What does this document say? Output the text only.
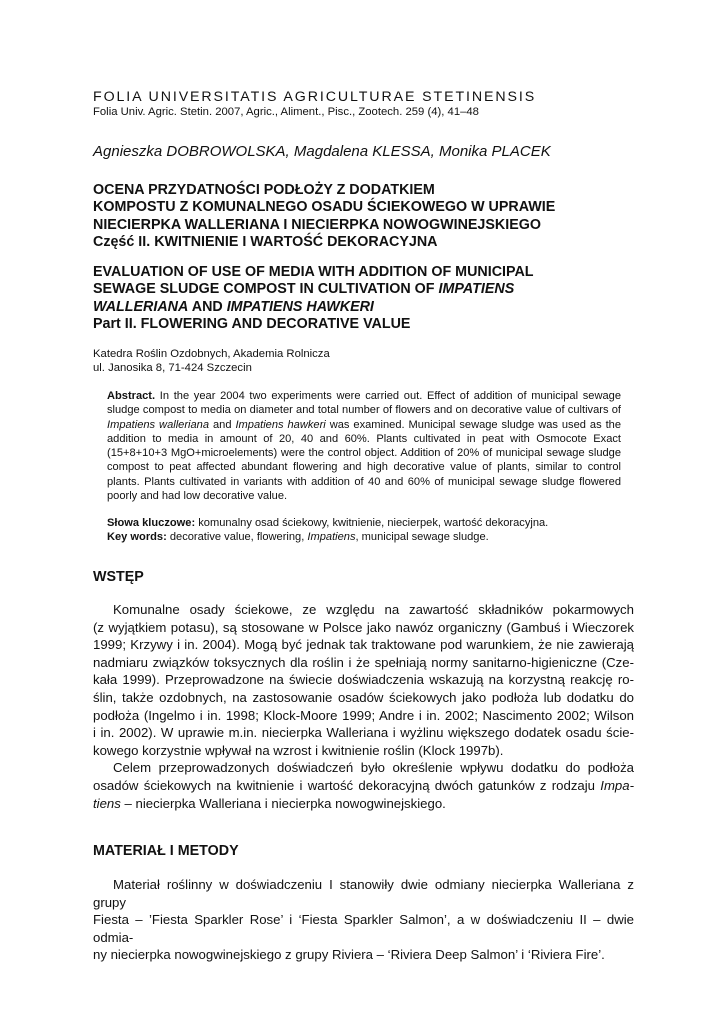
FOLIA UNIVERSITATIS AGRICULTURAE STETINENSIS
Folia Univ. Agric. Stetin. 2007, Agric., Aliment., Pisc., Zootech. 259 (4), 41–48
Agnieszka DOBROWOLSKA, Magdalena KLESSA, Monika PLACEK
OCENA PRZYDATNOŚCI PODŁOŻY Z DODATKIEM
KOMPOSTU Z KOMUNALNEGO OSADU ŚCIEKOWEGO W UPRAWIE
NIECIERPKA WALLERIANA I NIECIERPKA NOWOGWINEJSKIEGO
Część II. KWITNIENIE I WARTOŚĆ DEKORACYJNA
EVALUATION OF USE OF MEDIA WITH ADDITION OF MUNICIPAL
SEWAGE SLUDGE COMPOST IN CULTIVATION OF IMPATIENS
WALLERIANA AND IMPATIENS HAWKERI
Part II. FLOWERING AND DECORATIVE VALUE
Katedra Roślin Ozdobnych, Akademia Rolnicza
ul. Janosika 8, 71-424 Szczecin
Abstract. In the year 2004 two experiments were carried out. Effect of addition of municipal sewage sludge compost to media on diameter and total number of flowers and on decorative value of cultivars of Impatiens walleriana and Impatiens hawkeri was examined. Municipal sewage sludge was used as the addition to media in amount of 20, 40 and 60%. Plants cultivated in peat with Osmocote Exact (15+8+10+3 MgO+microelements) were the control object. Addition of 20% of municipal sewage sludge compost to peat affected abundant flowering and high decorative value of plants, similar to control plants. Plants cultivated in variants with addition of 40 and 60% of municipal sewage sludge flowered poorly and had low decorative value.
Słowa kluczowe: komunalny osad ściekowy, kwitnienie, niecierpek, wartość dekoracyjna.
Key words: decorative value, flowering, Impatiens, municipal sewage sludge.
WSTĘP
Komunalne osady ściekowe, ze względu na zawartość składników pokarmowych
(z wyjątkiem potasu), są stosowane w Polsce jako nawóz organiczny (Gambuś i Wieczorek
1999; Krzywy i in. 2004). Mogą być jednak tak traktowane pod warunkiem, że nie zawierają
nadmiaru związków toksycznych dla roślin i że spełniają normy sanitarno-higieniczne (Cze-
kała 1999). Przeprowadzone na świecie doświadczenia wskazują na korzystną reakcję ro-
ślin, także ozdobnych, na zastosowanie osadów ściekowych jako podłoża lub dodatku do
podłoża (Ingelmo i in. 1998; Klock-Moore 1999; Andre i in. 2002; Nascimento 2002; Wilson
i in. 2002). W uprawie m.in. niecierpka Walleriana i wyżlinu większego dodatek osadu ście-
kowego korzystnie wpływał na wzrost i kwitnienie roślin (Klock 1997b).
Celem przeprowadzonych doświadczeń było określenie wpływu dodatku do podłoża
osadów ściekowych na kwitnienie i wartość dekoracyjną dwóch gatunków z rodzaju Impa-
tiens – niecierpka Walleriana i niecierpka nowogwinejskiego.
MATERIAŁ I METODY
Materiał roślinny w doświadczeniu I stanowiły dwie odmiany niecierpka Walleriana z grupy
Fiesta – ’Fiesta Sparkler Rose’ i ‘Fiesta Sparkler Salmon’, a w doświadczeniu II – dwie odmia-
ny niecierpka nowogwinejskiego z grupy Riviera – ‘Riviera Deep Salmon’ i ‘Riviera Fire’.
